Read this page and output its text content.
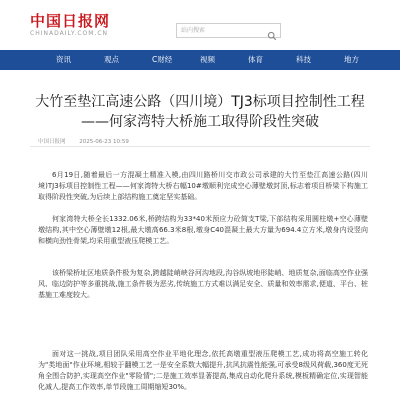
中国日报网
CHINADAILY.COM.CN
站内搜索
资讯	观点	C财经	视频	体育	科技	地方
大竹至垫江高速公路（四川境）TJ3标项目控制性工程——何家湾特大桥施工取得阶段性突破
中国日报网	2025-06-23 10:59

6月19日,随着最后一方混凝土精准入模,由四川路桥川交市政公司承建的大竹至垫江高速公路(四川境)TJ3标项目控制性工程——何家湾特大桥右幅10#墩顺利完成空心薄壁墩封顶,标志着项目桥梁下构施工取得阶段性突破,为后续上部结构施工奠定坚实基础。

何家湾特大桥全长1332.06米,桥跨结构为33*40米预应力砼简支T梁,下部结构采用圆柱墩+空心薄壁墩结构,其中空心薄壁墩12根,最大墩高66.3米8根,墩身C40混凝土最大方量为694.4立方米,墩身内设竖向和横向劲性骨架,均采用重型液压爬模工艺。

该桥梁桥址区地质条件极为复杂,跨越陡峭峡谷河沟地段,沟谷纵坡地形陡峭、地质复杂,面临高空作业强风、临边防护等多重挑战,施工条件极为恶劣,传统施工方式难以满足安全、质量和效率需求,便道、平台、桩基施工难度较大。

面对这一挑战,项目团队采用高空作业平地化理念,依托高墩重型液压爬模工艺,成功将高空施工转化为"类地面"作业环境,相较于翻模工艺一是安全系数大幅提升,抗风抗震性能强,可承受8级风荷载,360度无死角全围合防护,实现高空作业"零险情";二是施工效率显著提高,集成自动化爬升系统,模板精确定位,实现智能化减人,提高工作效率,单节段施工周期缩短30%。
